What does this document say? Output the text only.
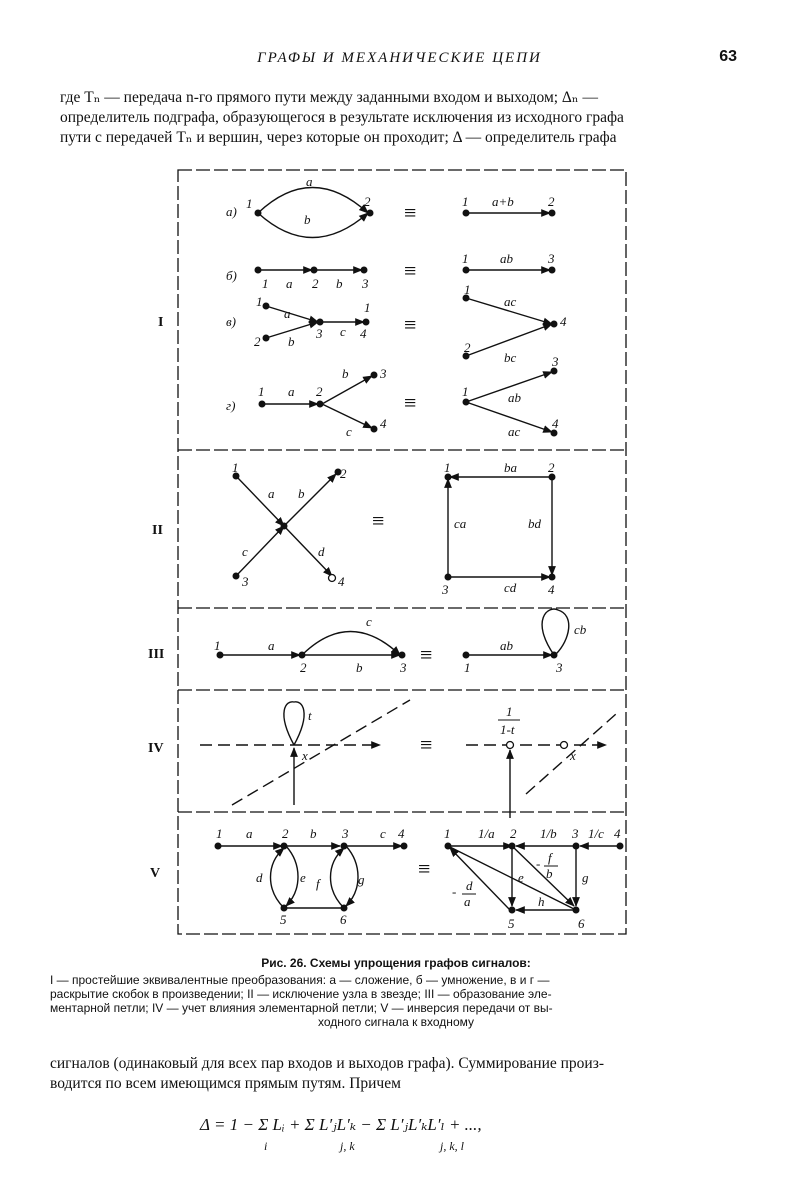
ГРАФЫ И МЕХАНИЧЕСКИЕ ЦЕПИ	63

где Tₙ — передача n-го прямого пути между заданными входом и выходом; Δₙ —

определитель подграфа, образующегося в результате исключения из исходного графа

пути с передачей Tₙ и вершин, через которые он проходит; Δ — определитель графа

I
II
III
IV
V
а)
б)
в)
г)
≡
≡
≡
≡
≡
≡
≡
≡
1	2
a
b
1	2
a+b
1	2	3
a	b
1	3
ab
1
2
3
1
4
a
b
c
1
2
4
ac
bc
1	2
3
4
a
b
c
1
3
4
ab
ac
1	2
3	4
a b
c	d
1	2
3	4
ba
ca	bd
cd
1
2	3
a
b
c
1	3
ab
cb
t
x
1
1-t
x
1	2	3	4
5	6
a	b	c
d	e f	g
1	2	3	4
5	6
1/a	1/b 1/c
e	g
h
- f
b
- d
a
Рис. 26. Схемы упрощения графов сигналов:
I — простейшие эквивалентные преобразования: а — сложение, б — умножение, в и г —
раскрытие скобок в произведении; II — исключение узла в звезде; III — образование эле-
ментарной петли; IV — учет влияния элементарной петли; V — инверсия передачи от вы-
ходного сигнала к входному
сигналов (одинаковый для всех пар входов и выходов графа). Суммирование произ-
водится по всем имеющимся прямым путям. Причем
Δ = 1 − Σ Lᵢ + Σ L′ⱼL′ₖ − Σ L′ⱼL′ₖL′ₗ + ...,
i	j, k	j, k, l
